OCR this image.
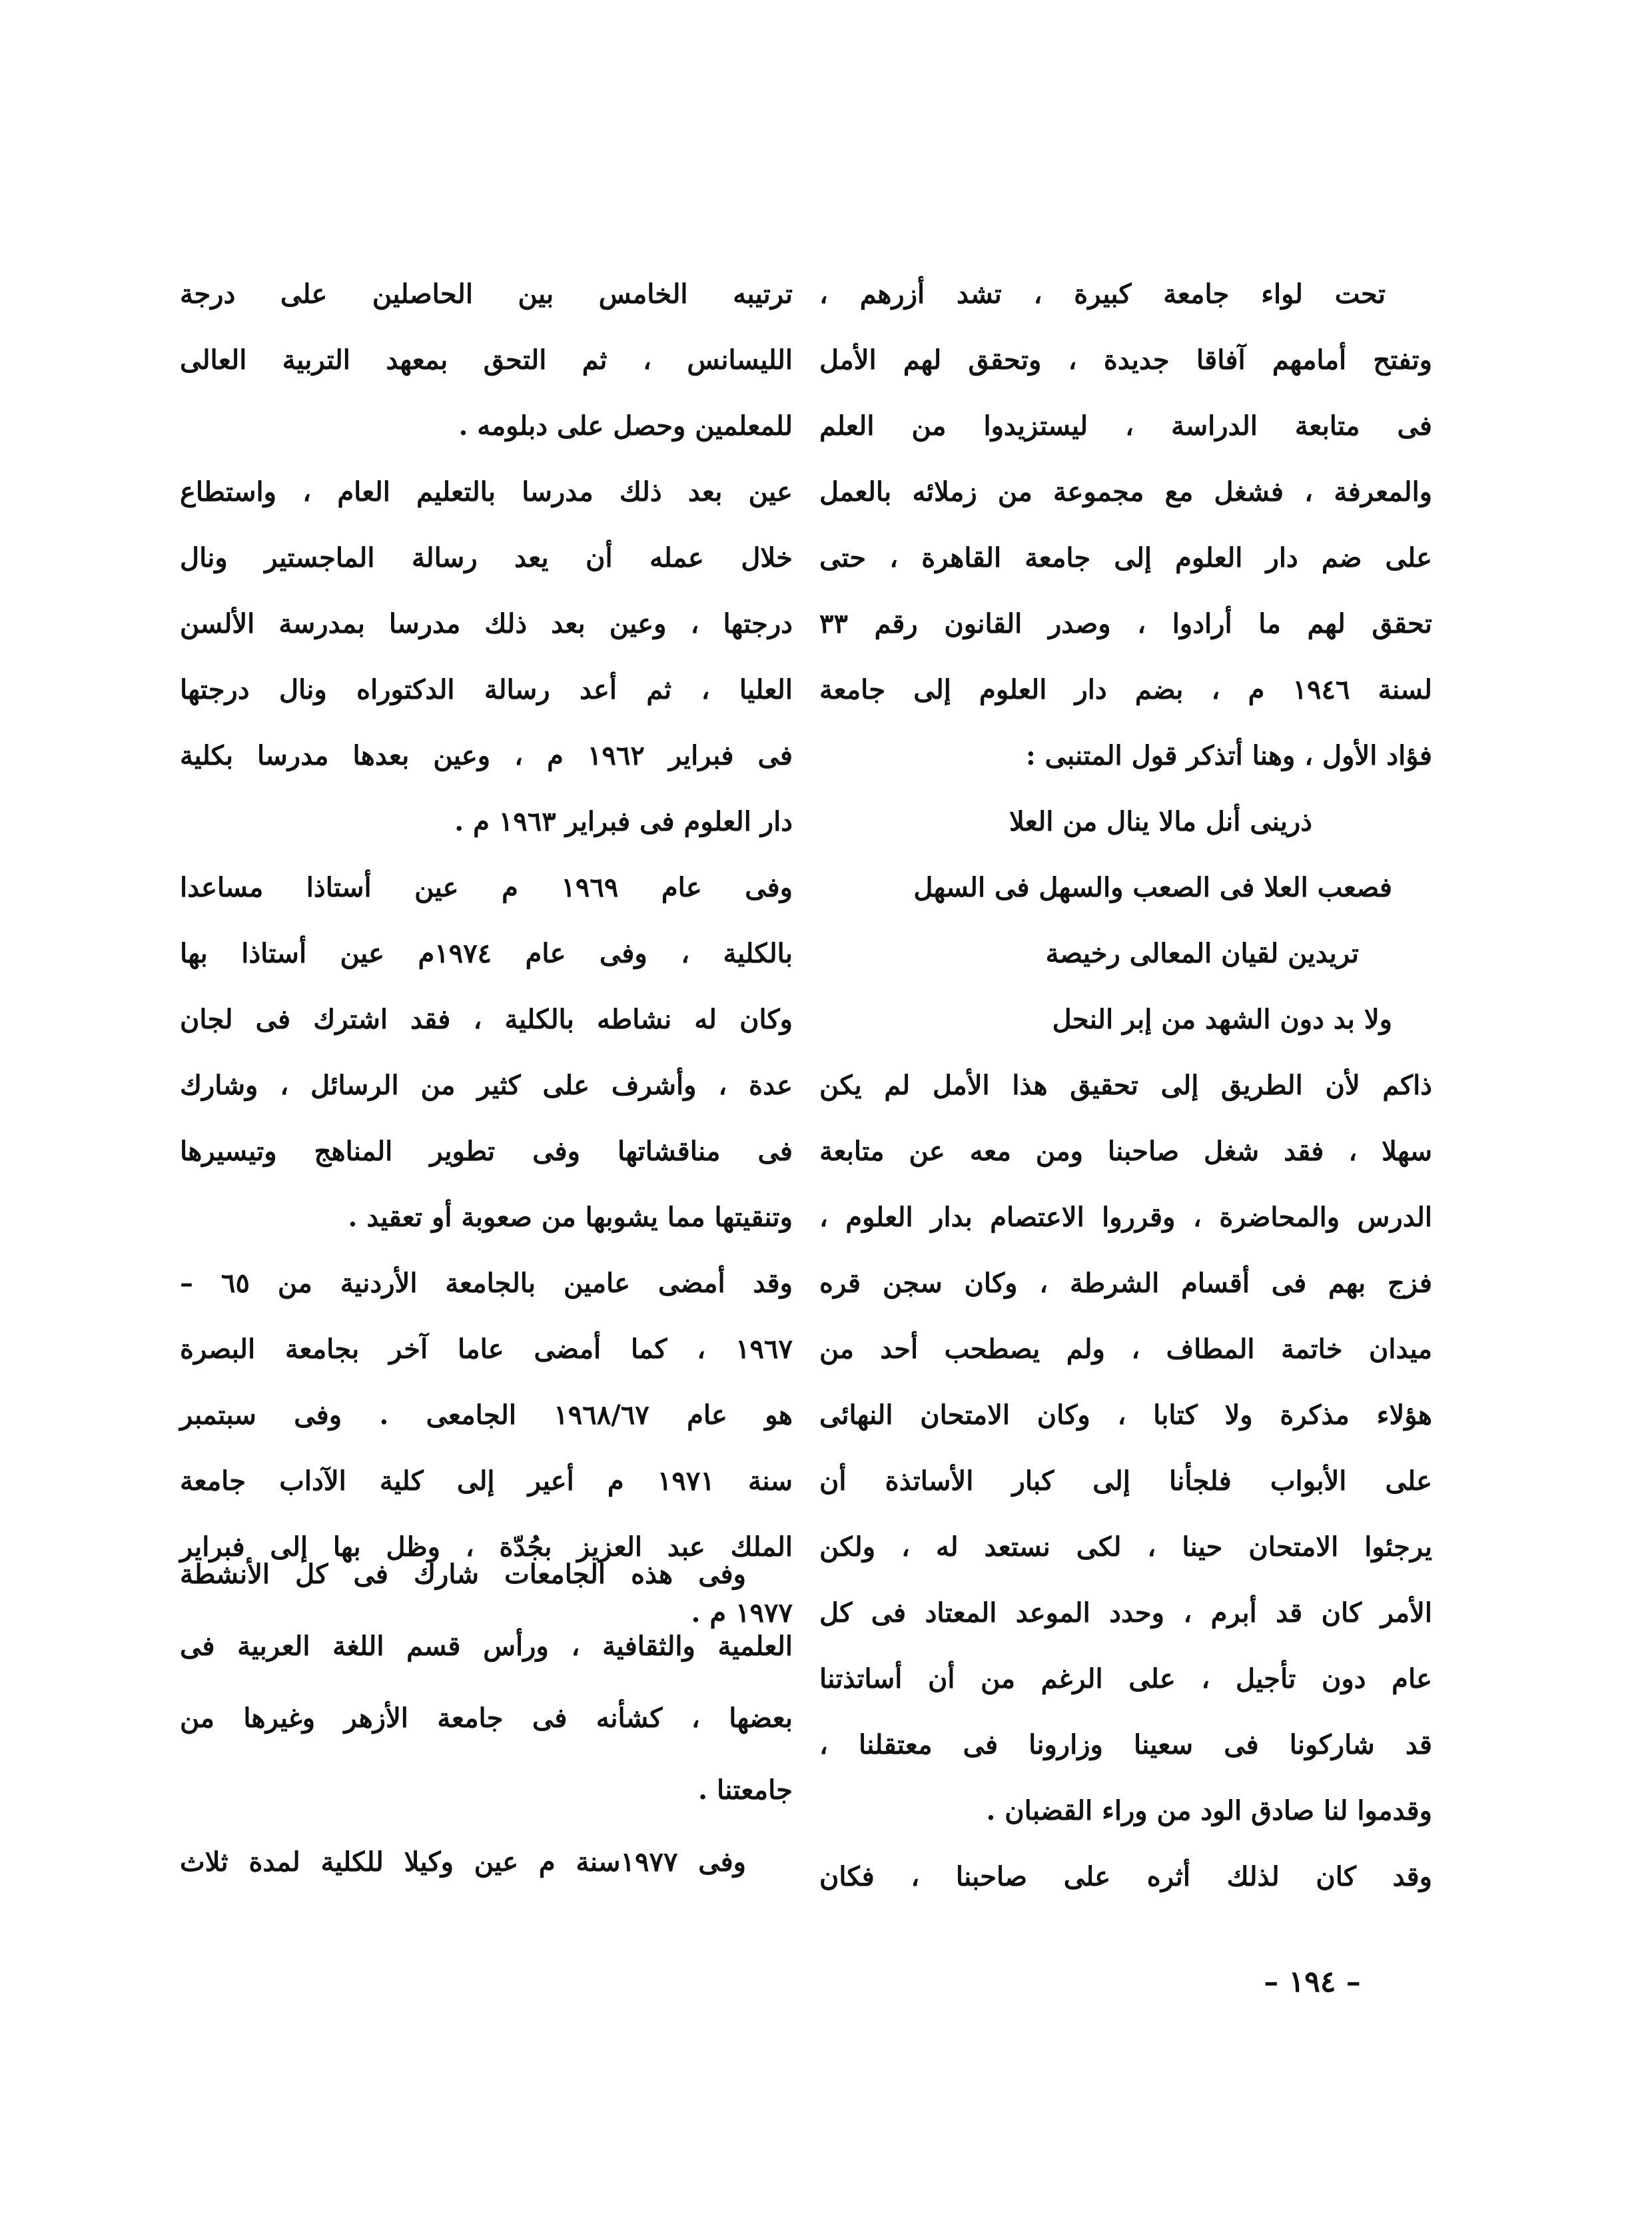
تحت لواء جامعة كبيرة ، تشد أزرهم ،
وتفتح أمامهم آفاقا جديدة ، وتحقق لهم الأمل
فى متابعة الدراسة ، ليستزيدوا من العلم
والمعرفة ، فشغل مع مجموعة من زملائه بالعمل
على ضم دار العلوم إلى جامعة القاهرة ، حتى
تحقق لهم ما أرادوا ، وصدر القانون رقم ٣٣
لسنة ١٩٤٦ م ، بضم دار العلوم إلى جامعة
فؤاد الأول ، وهنا أتذكر قول المتنبى :
ذرينى أنل مالا ينال من العلا
فصعب العلا فى الصعب والسهل فى السهل
تريدين لقيان المعالى رخيصة
ولا بد دون الشهد من إبر النحل
ذاكم لأن الطريق إلى تحقيق هذا الأمل لم يكن
سهلا ، فقد شغل صاحبنا ومن معه عن متابعة
الدرس والمحاضرة ، وقرروا الاعتصام بدار العلوم ،
فزج بهم فى أقسام الشرطة ، وكان سجن قره
ميدان خاتمة المطاف ، ولم يصطحب أحد من
هؤلاء مذكرة ولا كتابا ، وكان الامتحان النهائى
على الأبواب فلجأنا إلى كبار الأساتذة أن
يرجئوا الامتحان حينا ، لكى نستعد له ، ولكن
الأمر كان قد أبرم ، وحدد الموعد المعتاد فى كل
عام دون تأجيل ، على الرغم من أن أساتذتنا
قد شاركونا فى سعينا وزارونا فى معتقلنا ،
وقدموا لنا صادق الود من وراء القضبان .
وقد كان لذلك أثره على صاحبنا ، فكان
ترتيبه الخامس بين الحاصلين على درجة
الليسانس ، ثم التحق بمعهد التربية العالى
للمعلمين وحصل على دبلومه .
عين بعد ذلك مدرسا بالتعليم العام ، واستطاع
خلال عمله أن يعد رسالة الماجستير ونال
درجتها ، وعين بعد ذلك مدرسا بمدرسة الألسن
العليا ، ثم أعد رسالة الدكتوراه ونال درجتها
فى فبراير ١٩٦٢ م ، وعين بعدها مدرسا بكلية
دار العلوم فى فبراير ١٩٦٣ م .
وفى عام ١٩٦٩ م عين أستاذا مساعدا
بالكلية ، وفى عام ١٩٧٤م عين أستاذا بها
وكان له نشاطه بالكلية ، فقد اشترك فى لجان
عدة ، وأشرف على كثير من الرسائل ، وشارك
فى مناقشاتها وفى تطوير المناهج وتيسيرها
وتنقيتها مما يشوبها من صعوبة أو تعقيد .
وقد أمضى عامين بالجامعة الأردنية من ٦٥ –
١٩٦٧ ، كما أمضى عاما آخر بجامعة البصرة
هو عام ١٩٦٨/٦٧ الجامعى . وفى سبتمبر
سنة ١٩٧١ م أعير إلى كلية الآداب جامعة
الملك عبد العزيز بجُدّة ، وظل بها إلى فبراير
١٩٧٧ م .
وفى هذه الجامعات شارك فى كل الأنشطة
العلمية والثقافية ، ورأس قسم اللغة العربية فى
بعضها ، كشأنه فى جامعة الأزهر وغيرها من
جامعتنا .
وفى ١٩٧٧سنة م عين وكيلا للكلية لمدة ثلاث
– ١٩٤ –
